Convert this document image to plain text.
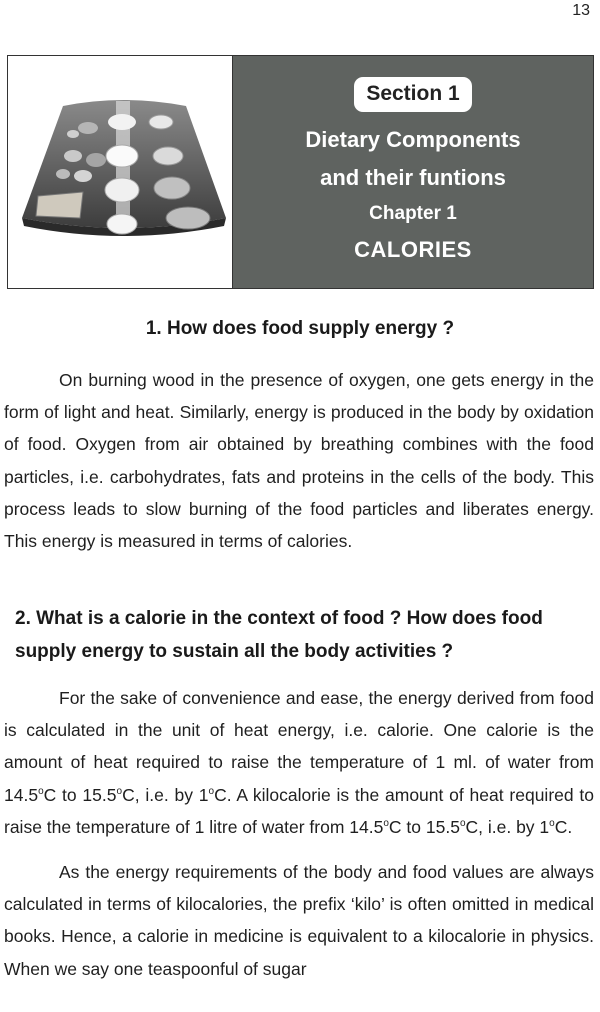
13
Section 1
Dietary Components
and their funtions
Chapter 1
CALORIES
1. How does food supply energy ?

On burning wood in the presence of oxygen, one gets energy in the form of light and heat. Similarly, energy is produced in the body by oxidation of food. Oxygen from air obtained by breathing combines with the food particles, i.e. carbohydrates, fats and proteins in the cells of the body. This process leads to slow burning of the food particles and liberates energy. This energy is measured in terms of calories.

2. What is a calorie in the context of food ? How does food supply energy to sustain all the body activities ?

For the sake of convenience and ease, the energy derived from food is calculated in the unit of heat energy, i.e. calorie. One calorie is the amount of heat required to raise the temperature of 1 ml. of water from 14.5$^o$C to 15.5$^o$C, i.e. by 1$^o$C. A kilocalorie is the amount of heat required to raise the temperature of 1 litre of water from 14.5$^o$C to 15.5$^o$C, i.e. by 1$^o$C.

As the energy requirements of the body and food values are always calculated in terms of kilocalories, the prefix ‘kilo’ is often omitted in medical books. Hence, a calorie in medicine is equivalent to a kilocalorie in physics. When we say one teaspoonful of sugar
